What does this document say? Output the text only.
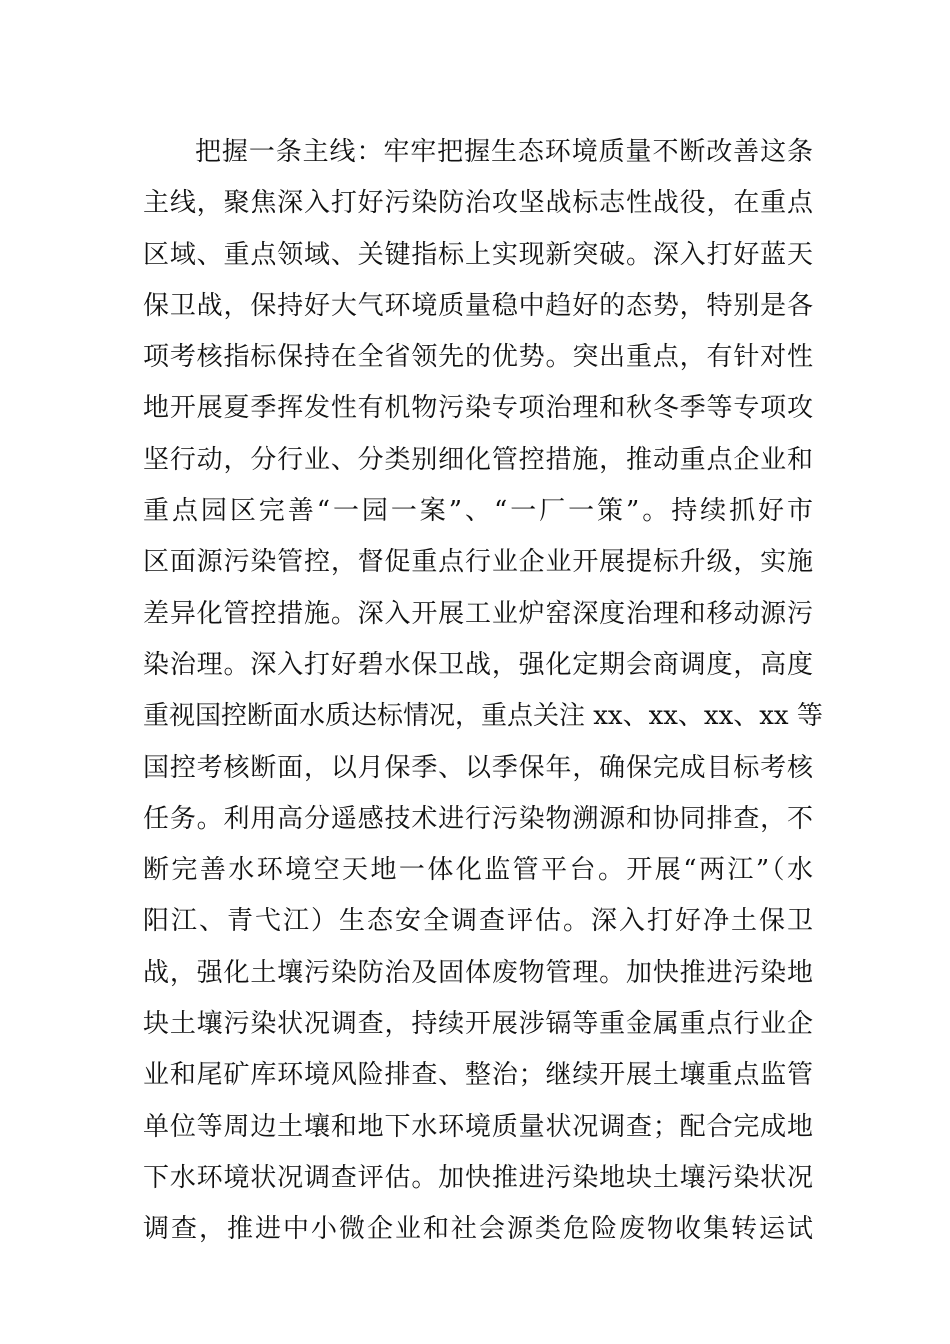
把握一条主线：牢牢把握生态环境质量不断改善这条
主线，聚焦深入打好污染防治攻坚战标志性战役，在重点
区域、重点领域、关键指标上实现新突破。深入打好蓝天
保卫战，保持好大气环境质量稳中趋好的态势，特别是各
项考核指标保持在全省领先的优势。突出重点，有针对性
地开展夏季挥发性有机物污染专项治理和秋冬季等专项攻
坚行动，分行业、分类别细化管控措施，推动重点企业和
重点园区完善“一园一案”、“一厂一策”。持续抓好市
区面源污染管控，督促重点行业企业开展提标升级，实施
差异化管控措施。深入开展工业炉窑深度治理和移动源污
染治理。深入打好碧水保卫战，强化定期会商调度，高度
重视国控断面水质达标情况，重点关注 xx、xx、xx、xx 等
国控考核断面，以月保季、以季保年，确保完成目标考核
任务。利用高分遥感技术进行污染物溯源和协同排查，不
断完善水环境空天地一体化监管平台。开展“两江”（水
阳江、青弋江）生态安全调查评估。深入打好净土保卫
战，强化土壤污染防治及固体废物管理。加快推进污染地
块土壤污染状况调查，持续开展涉镉等重金属重点行业企
业和尾矿库环境风险排查、整治；继续开展土壤重点监管
单位等周边土壤和地下水环境质量状况调查；配合完成地
下水环境状况调查评估。加快推进污染地块土壤污染状况
调查，推进中小微企业和社会源类危险废物收集转运试
